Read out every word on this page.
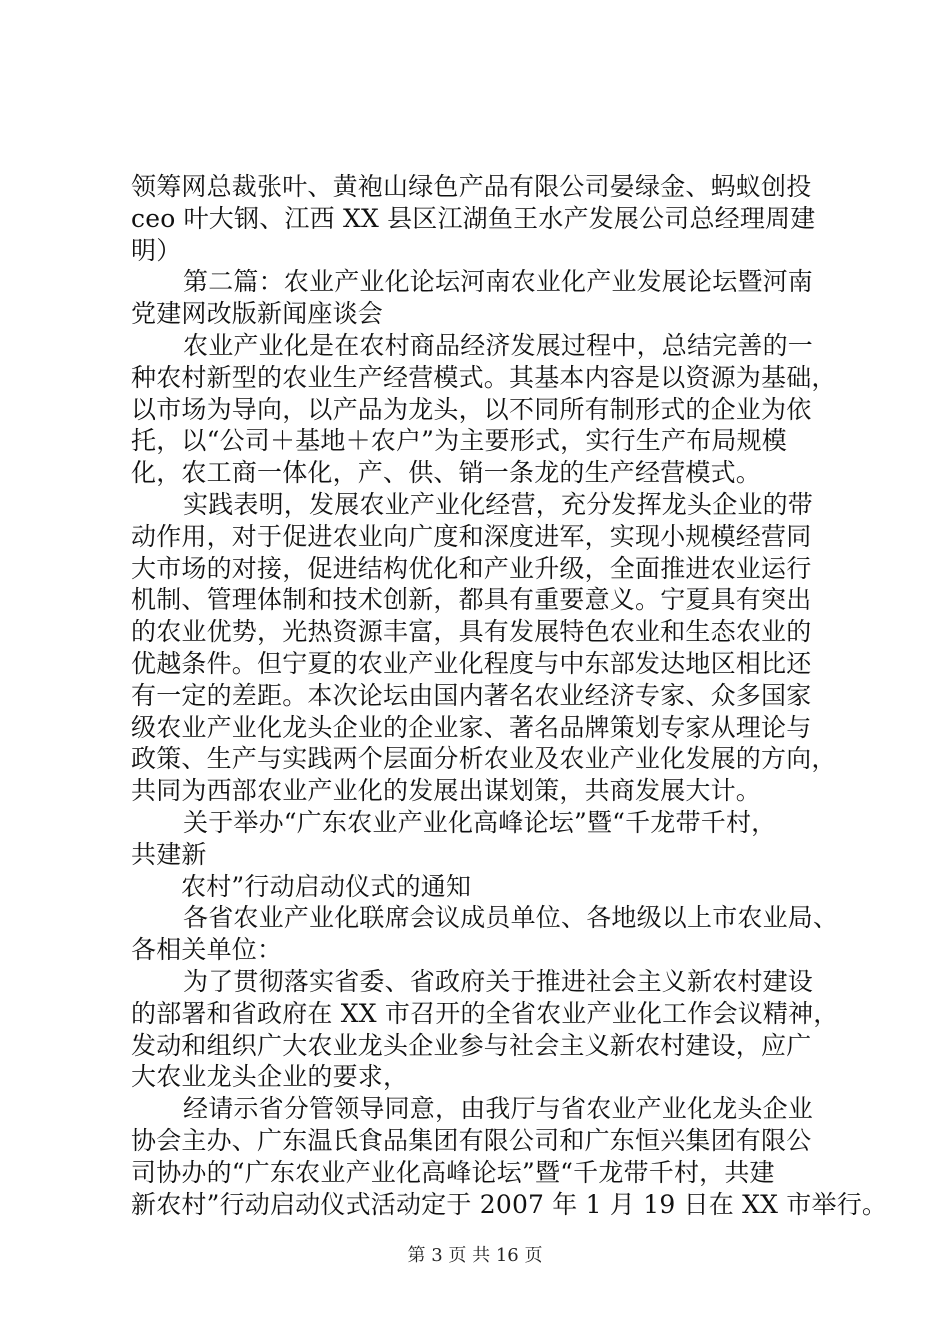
领筹网总裁张叶、黄袍山绿色产品有限公司晏绿金、蚂蚁创投
ceo 叶大钢、江西 XX 县区江湖鱼王水产发展公司总经理周建
明）
第二篇：农业产业化论坛河南农业化产业发展论坛暨河南
党建网改版新闻座谈会
农业产业化是在农村商品经济发展过程中，总结完善的一
种农村新型的农业生产经营模式。其基本内容是以资源为基础，
以市场为导向，以产品为龙头，以不同所有制形式的企业为依
托，以“公司＋基地＋农户”为主要形式，实行生产布局规模
化，农工商一体化，产、供、销一条龙的生产经营模式。
实践表明，发展农业产业化经营，充分发挥龙头企业的带
动作用，对于促进农业向广度和深度进军，实现小规模经营同
大市场的对接，促进结构优化和产业升级，全面推进农业运行
机制、管理体制和技术创新，都具有重要意义。宁夏具有突出
的农业优势，光热资源丰富，具有发展特色农业和生态农业的
优越条件。但宁夏的农业产业化程度与中东部发达地区相比还
有一定的差距。本次论坛由国内著名农业经济专家、众多国家
级农业产业化龙头企业的企业家、著名品牌策划专家从理论与
政策、生产与实践两个层面分析农业及农业产业化发展的方向，
共同为西部农业产业化的发展出谋划策，共商发展大计。
关于举办“广东农业产业化高峰论坛”暨“千龙带千村，
共建新
农村”行动启动仪式的通知
各省农业产业化联席会议成员单位、各地级以上市农业局、
各相关单位：
为了贯彻落实省委、省政府关于推进社会主义新农村建设
的部署和省政府在 XX 市召开的全省农业产业化工作会议精神，
发动和组织广大农业龙头企业参与社会主义新农村建设，应广
大农业龙头企业的要求，
经请示省分管领导同意，由我厅与省农业产业化龙头企业
协会主办、广东温氏食品集团有限公司和广东恒兴集团有限公
司协办的“广东农业产业化高峰论坛”暨“千龙带千村，共建
新农村”行动启动仪式活动定于 2007 年 1 月 19 日在 XX 市举行。
第 3 页 共 16 页
